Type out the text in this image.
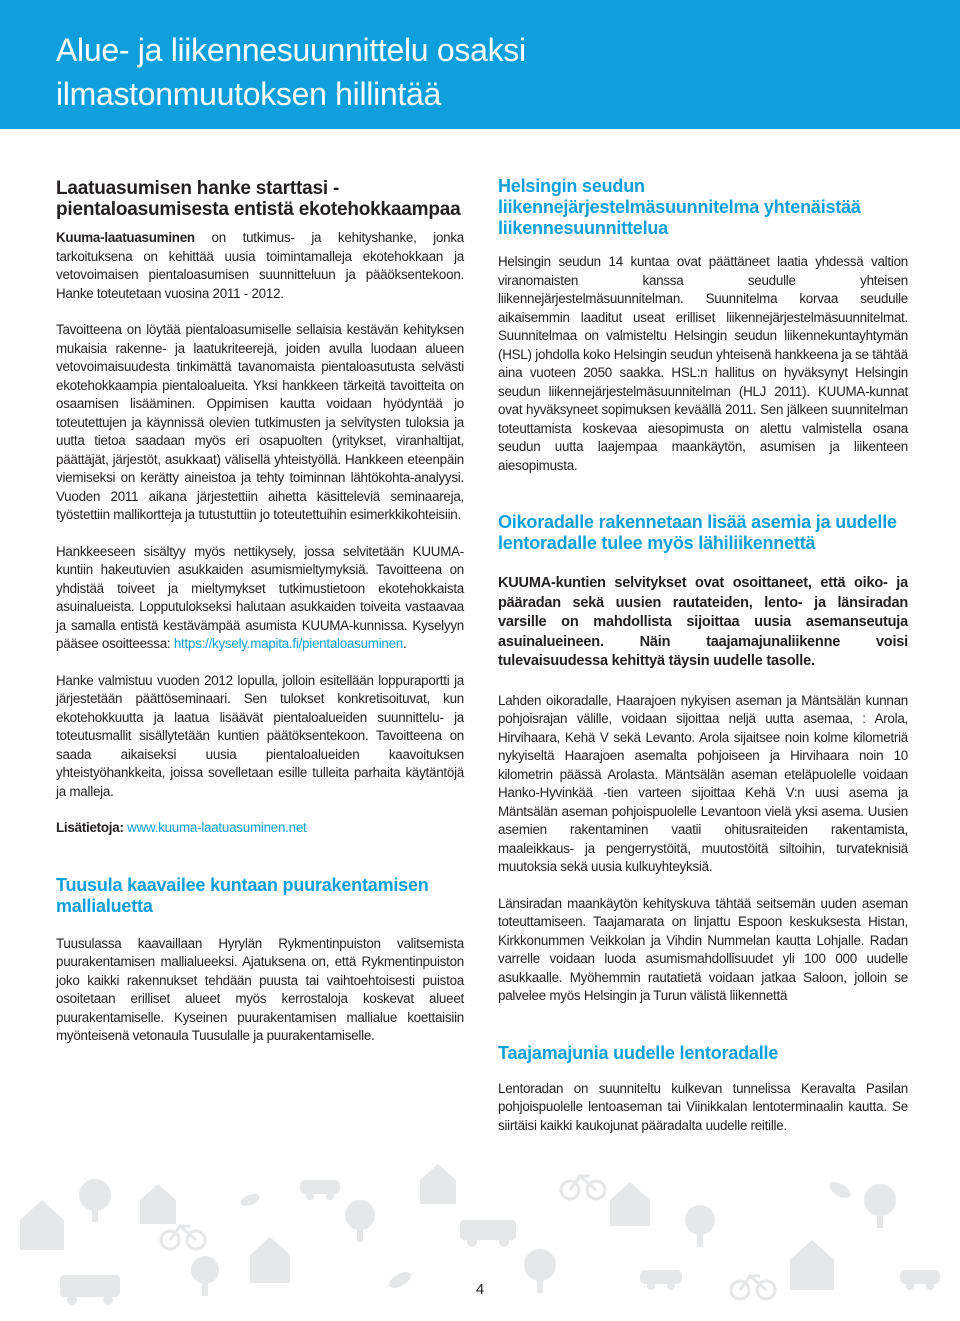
Alue- ja liikennesuunnittelu osaksi
ilmastonmuutoksen hillintää
Laatuasumisen hanke starttasi - pientaloasumisesta entistä ekotehokkaampaa

Kuuma-laatuasuminen on tutkimus- ja kehityshanke, jonka tarkoituksena on kehittää uusia toimintamalleja ekotehokkaan ja vetovoimaisen pientaloasumisen suunnitteluun ja pääöksentekoon. Hanke toteutetaan vuosina 2011 - 2012.

Tavoitteena on löytää pientaloasumiselle sellaisia kestävän kehityksen mukaisia rakenne- ja laatukriteerejä, joiden avulla luodaan alueen vetovoimaisuudesta tinkimättä tavanomaista pientaloasutusta selvästi ekotehokkaampia pientaloalueita. Yksi hankkeen tärkeitä tavoitteita on osaamisen lisääminen. Oppimisen kautta voidaan hyödyntää jo toteutettujen ja käynnissä olevien tutkimusten ja selvitysten tuloksia ja uutta tietoa saadaan myös eri osapuolten (yritykset, viranhaltijat, päättäjät, järjestöt, asukkaat) välisellä yhteistyöllä. Hankkeen eteenpäin viemiseksi on kerätty aineistoa ja tehty toiminnan lähtökohta-analyysi. Vuoden 2011 aikana järjestettiin aihetta käsitteleviä seminaareja, työstettiin mallikortteja ja tutustuttiin jo toteutettuihin esimerkkikohteisiin.

Hankkeeseen sisältyy myös nettikysely, jossa selvitetään KUUMA-kuntiin hakeutuvien asukkaiden asumismieltymyksiä. Tavoitteena on yhdistää toiveet ja mieltymykset tutkimustietoon ekotehokkaista asuinalueista. Lopputulokseksi halutaan asukkaiden toiveita vastaavaa ja samalla entistä kestävämpää asumista KUUMA-kunnissa. Kyselyyn pääsee osoitteessa: https://kysely.mapita.fi/pientaloasuminen.

Hanke valmistuu vuoden 2012 lopulla, jolloin esitellään loppuraportti ja järjestetään päättöseminaari. Sen tulokset konkretisoituvat, kun ekotehokkuutta ja laatua lisäävät pientaloalueiden suunnittelu- ja toteutusmallit sisällytetään kuntien päätöksentekoon. Tavoitteena on saada aikaiseksi uusia pientaloalueiden kaavoituksen yhteistyöhankkeita, joissa sovelletaan esille tulleita parhaita käytäntöjä ja malleja.

Lisätietoja: www.kuuma-laatuasuminen.net

Tuusula kaavailee kuntaan puurakentamisen mallialuetta

Tuusulassa kaavaillaan Hyrylän Rykmentinpuiston valitsemista puurakentamisen mallialueeksi. Ajatuksena on, että Rykmentinpuiston joko kaikki rakennukset tehdään puusta tai vaihtoehtoisesti puistoa osoitetaan erilliset alueet myös kerrostaloja koskevat alueet puurakentamiselle. Kyseinen puurakentamisen mallialue koettaisiin myönteisenä vetonaula Tuusulalle ja puurakentamiselle.

Helsingin seudun liikennejärjestelmäsuunnitelma yhtenäistää liikennesuunnittelua

Helsingin seudun 14 kuntaa ovat päättäneet laatia yhdessä valtion viranomaisten kanssa seudulle yhteisen liikennejärjestelmäsuunnitelman. Suunnitelma korvaa seudulle aikaisemmin laaditut useat erilliset liikennejärjestelmäsuunnitelmat. Suunnitelmaa on valmisteltu Helsingin seudun liikennekuntayhtymän (HSL) johdolla koko Helsingin seudun yhteisenä hankkeena ja se tähtää aina vuoteen 2050 saakka. HSL:n hallitus on hyväksynyt Helsingin seudun liikennejärjestelmäsuunnitelman (HLJ 2011). KUUMA-kunnat ovat hyväksyneet sopimuksen keväällä 2011. Sen jälkeen suunnitelman toteuttamista koskevaa aiesopimusta on alettu valmistella osana seudun uutta laajempaa maankäytön, asumisen ja liikenteen aiesopimusta.

Oikoradalle rakennetaan lisää asemia ja uudelle lentoradalle tulee myös lähiliikennettä

KUUMA-kuntien selvitykset ovat osoittaneet, että oiko- ja pääradan sekä uusien rautateiden, lento- ja länsiradan varsille on mahdollista sijoittaa uusia asemanseutuja asuinalueineen. Näin taajamajunaliikenne voisi tulevaisuudessa kehittyä täysin uudelle tasolle.

Lahden oikoradalle, Haarajoen nykyisen aseman ja Mäntsälän kunnan pohjoisrajan välille, voidaan sijoittaa neljä uutta asemaa, : Arola, Hirvihaara, Kehä V sekä Levanto. Arola sijaitsee noin kolme kilometriä nykyiseltä Haarajoen asemalta pohjoiseen ja Hirvihaara noin 10 kilometrin päässä Arolasta. Mäntsälän aseman eteläpuolelle voidaan Hanko-Hyvinkää -tien varteen sijoittaa Kehä V:n uusi asema ja Mäntsälän aseman pohjoispuolelle Levantoon vielä yksi asema. Uusien asemien rakentaminen vaatii ohitusraiteiden rakentamista, maaleikkaus- ja pengerrystöitä, muutostöitä siltoihin, turvateknisiä muutoksia sekä uusia kulkuyhteyksiä.

Länsiradan maankäytön kehityskuva tähtää seitsemän uuden aseman toteuttamiseen. Taajamarata on linjattu Espoon keskuksesta Histan, Kirkkonummen Veikkolan ja Vihdin Nummelan kautta Lohjalle. Radan varrelle voidaan luoda asumismahdollisuudet yli 100 000 uudelle asukkaalle. Myöhemmin rautatietä voidaan jatkaa Saloon, jolloin se palvelee myös Helsingin ja Turun välistä liikennettä

Taajamajunia uudelle lentoradalle

Lentoradan on suunniteltu kulkevan tunnelissa Keravalta Pasilan pohjoispuolelle lentoaseman tai Viinikkalan lentoterminaalin kautta. Se siirtäisi kaikki kaukojunat pääradalta uudelle reitille.

4
